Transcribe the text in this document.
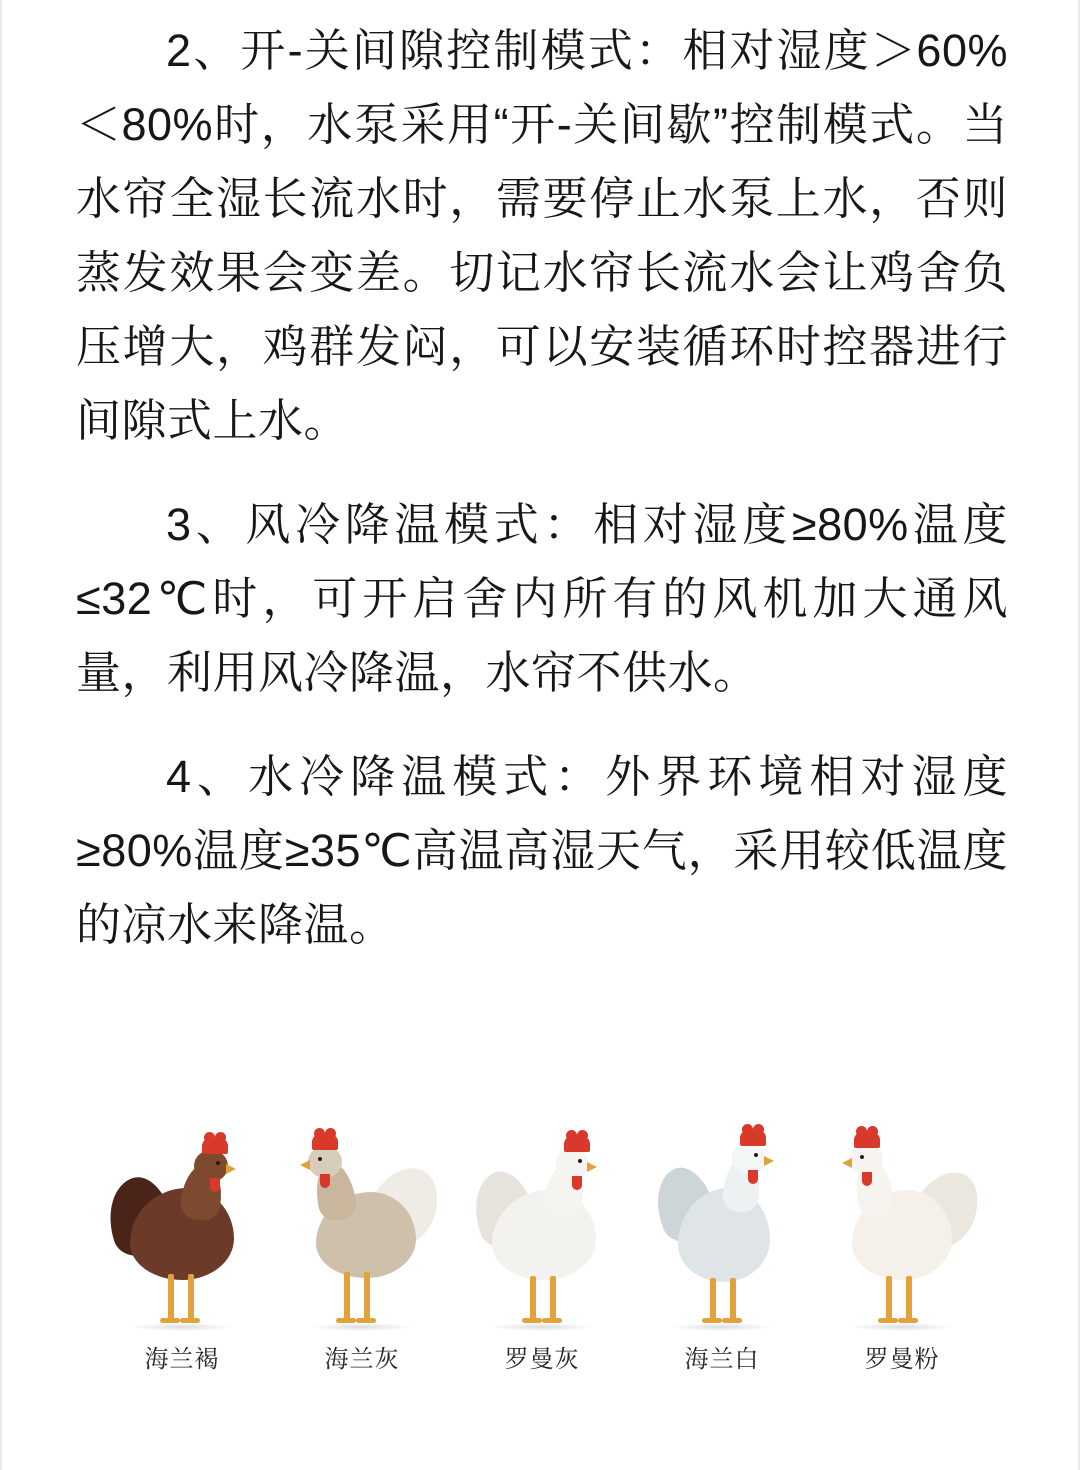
2、开-关间隙控制模式：相对湿度＞60%＜80%时，水泵采用“开-关间歇”控制模式。当水帘全湿长流水时，需要停止水泵上水，否则蒸发效果会变差。切记水帘长流水会让鸡舍负压增大，鸡群发闷，可以安装循环时控器进行间隙式上水。

3、风冷降温模式：相对湿度≥80%温度≤32℃时，可开启舍内所有的风机加大通风量，利用风冷降温，水帘不供水。

4、水冷降温模式：外界环境相对湿度≥80%温度≥35℃高温高湿天气，采用较低温度的凉水来降温。

海兰褐	海兰灰	罗曼灰	海兰白	罗曼粉
